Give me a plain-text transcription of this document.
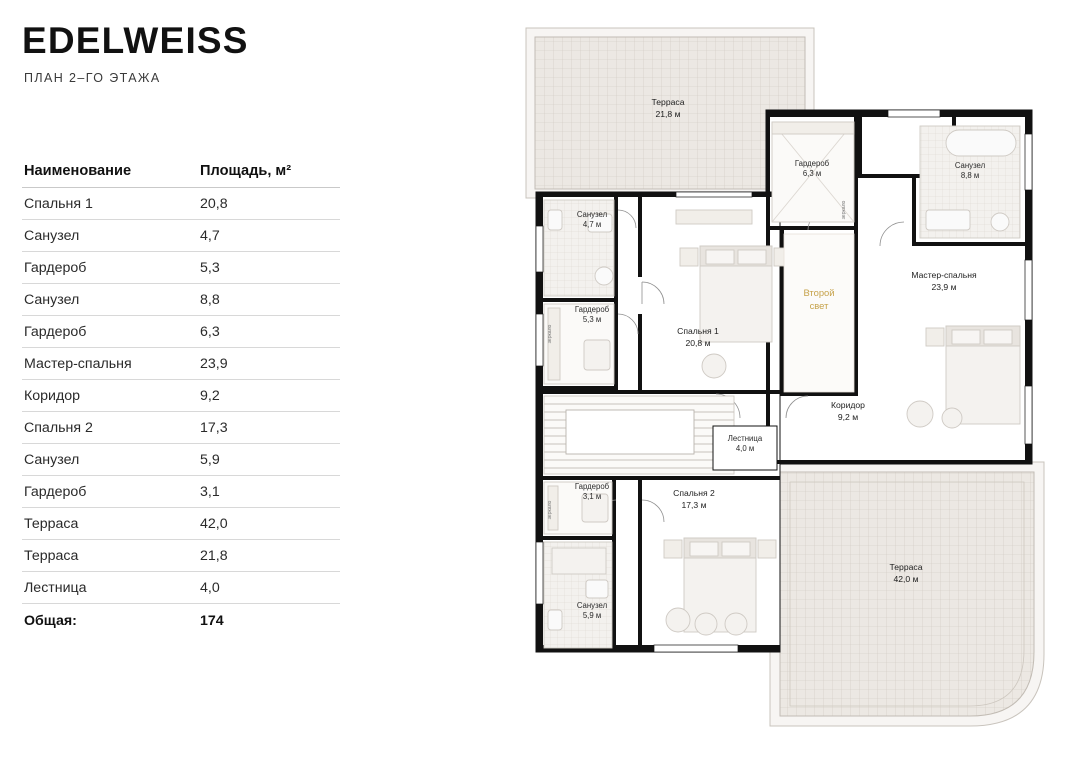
EDELWEISS
ПЛАН 2–ГО ЭТАЖА
Наименование	Площадь, м²
Спальня 1	20,8
Санузел	4,7
Гардероб	5,3
Санузел	8,8
Гардероб	6,3
Мастер-спальня	23,9
Коридор	9,2
Спальня 2	17,3
Санузел	5,9
Гардероб	3,1
Терраса	42,0
Терраса	21,8
Лестница	4,0
Общая:	174
Терраса
21,8 м
Терраса
42,0 м
Второй
свет
Лестница
4,0 м
Гардероб
6,3 м
Санузел
8,8 м
Санузел
4,7 м
Гардероб
5,3 м
Спальня 1
20,8 м
Мастер-спальня
23,9 м
Коридор
9,2 м
Гардероб
3,1 м	Спальня 2
17,3 м
Санузел
5,9 м
зеркало
зеркало
зеркало
